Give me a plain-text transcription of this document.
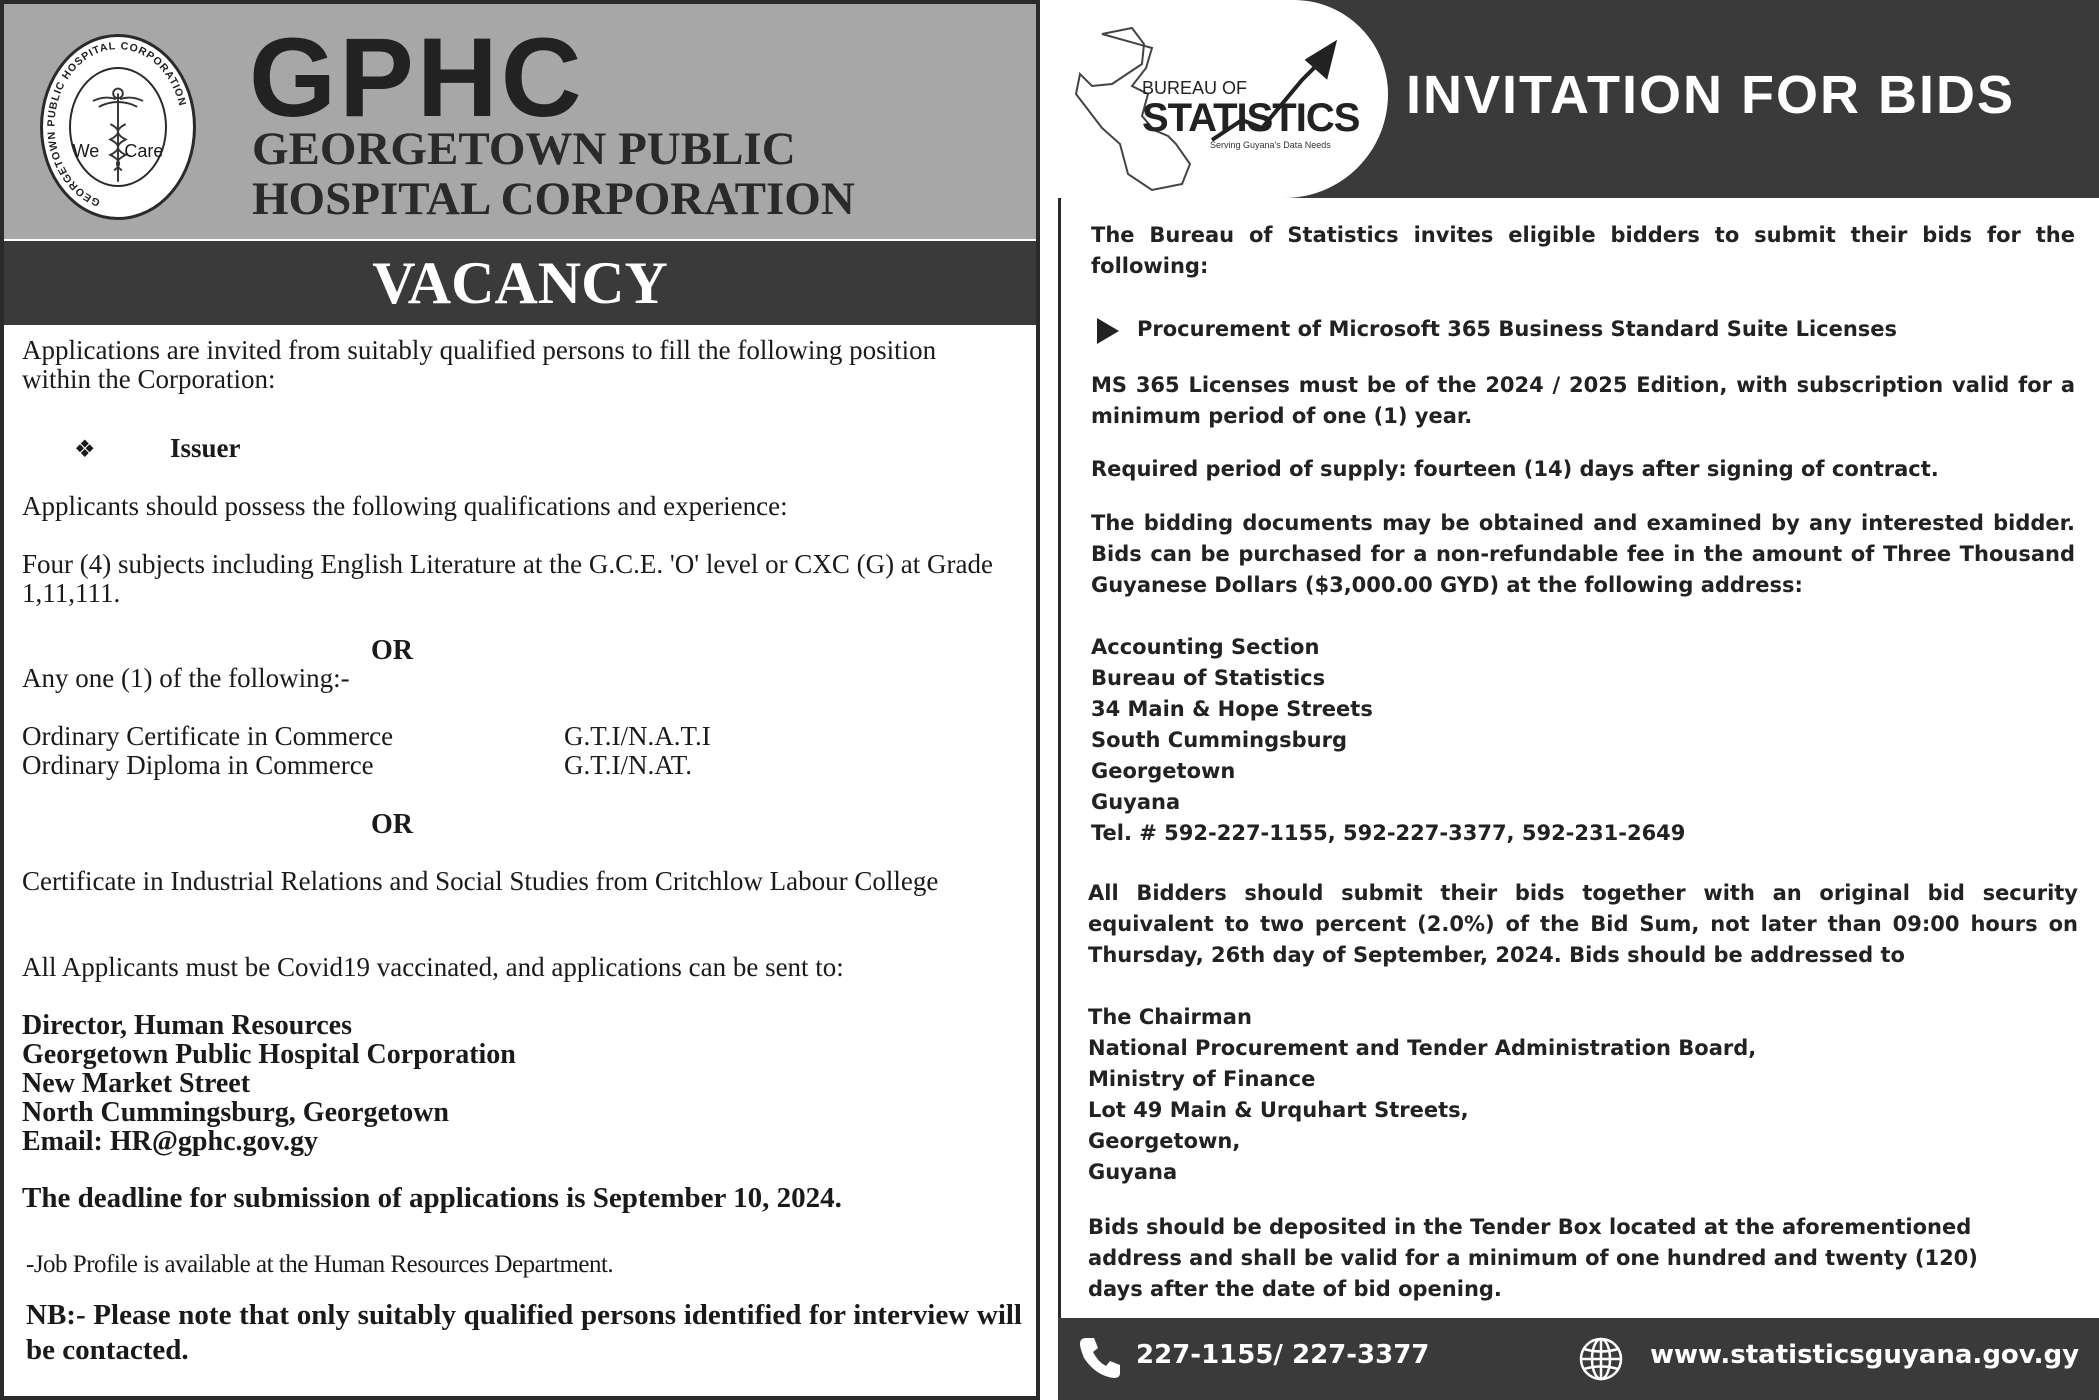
GEORGETOWN PUBLIC HOSPITAL CORPORATION
We Care
GPHC
GEORGETOWN PUBLIC
HOSPITAL CORPORATION
VACANCY
Applications are invited from suitably qualified persons to fill the following position within the Corporation:
❖	Issuer
Applicants should possess the following qualifications and experience:
Four (4) subjects including English Literature at the G.C.E. 'O' level or CXC (G) at Grade 1,11,111.
OR
Any one (1) of the following:-
Ordinary Certificate in Commerce	G.T.I/N.A.T.I
Ordinary Diploma in Commerce	G.T.I/N.AT.
OR
Certificate in Industrial Relations and Social Studies from Critchlow Labour College
All Applicants must be Covid19 vaccinated, and applications can be sent to:
Director, Human Resources
Georgetown Public Hospital Corporation
New Market Street
North Cummingsburg, Georgetown
Email: HR@gphc.gov.gy
The deadline for submission of applications is September 10, 2024.
-Job Profile is available at the Human Resources Department.
NB:- Please note that only suitably qualified persons identified for interview will be contacted.
BUREAU OF
STATISTICS
Serving Guyana's Data Needs
INVITATION FOR BIDS
The Bureau of Statistics invites eligible bidders to submit their bids for the following:
Procurement of Microsoft 365 Business Standard Suite Licenses
MS 365 Licenses must be of the 2024 / 2025 Edition, with subscription valid for a minimum period of one (1) year.
Required period of supply: fourteen (14) days after signing of contract.
The bidding documents may be obtained and examined by any interested bidder. Bids can be purchased for a non-refundable fee in the amount of Three Thousand Guyanese Dollars ($3,000.00 GYD) at the following address:
Accounting Section
Bureau of Statistics
34 Main & Hope Streets
South Cummingsburg
Georgetown
Guyana
Tel. # 592-227-1155, 592-227-3377, 592-231-2649
All Bidders should submit their bids together with an original bid security equivalent to two percent (2.0%) of the Bid Sum, not later than 09:00 hours on Thursday, 26th day of September, 2024. Bids should be addressed to
The Chairman
National Procurement and Tender Administration Board,
Ministry of Finance
Lot 49 Main & Urquhart Streets,
Georgetown,
Guyana
Bids should be deposited in the Tender Box located at the aforementioned address and shall be valid for a minimum of one hundred and twenty (120) days after the date of bid opening.
227-1155/ 227-3377	www.statisticsguyana.gov.gy
